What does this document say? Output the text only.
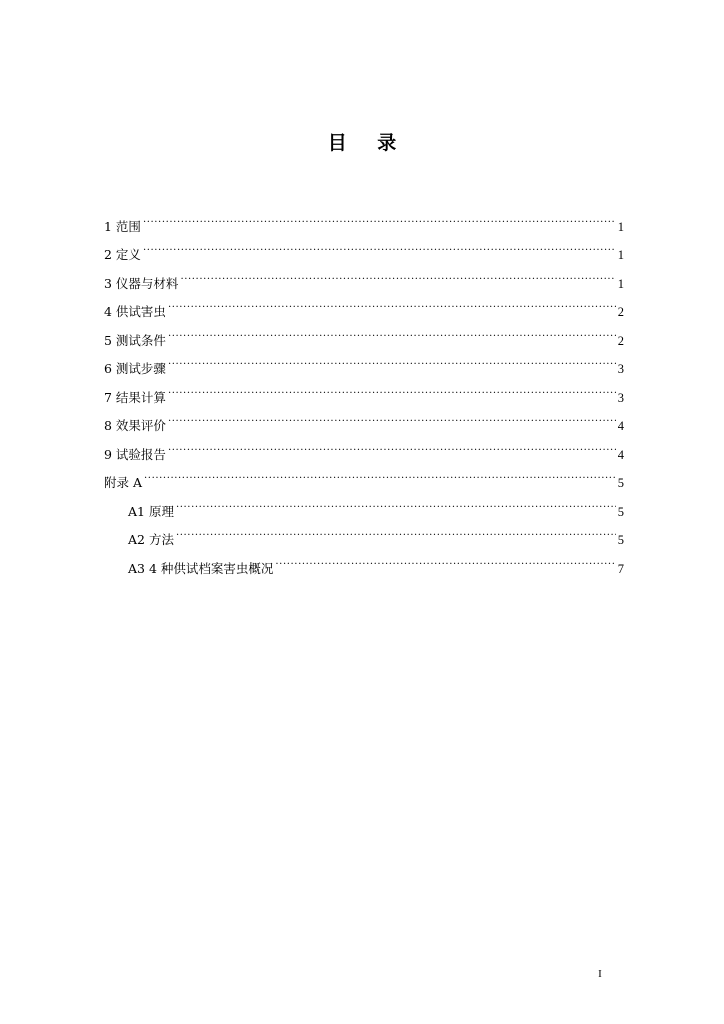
目 录
1 范围 .....	1
2 定义 .....	1
3 仪器与材料 .....	1
4 供试害虫 .....	2
5 测试条件 .....	2
6 测试步骤 .....	3
7 结果计算 .....	3
8 效果评价 .....	4
9 试验报告 .....	4
附录 A .....	5
A1 原理 .....	5
A2 方法 .....	5
A3 4 种供试档案害虫概况 .....	7
I
